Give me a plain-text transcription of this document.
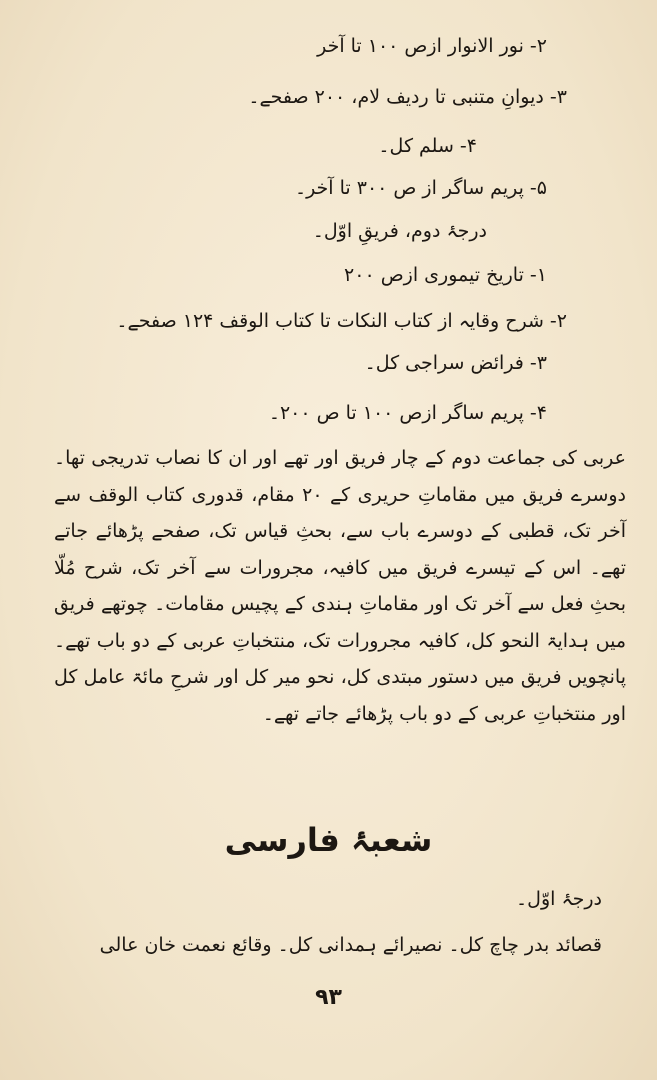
۲- نور الانوار ازص ۱۰۰ تا آخر
۳- دیوانِ متنبی تا ردیف لام، ۲۰۰ صفحے۔
۴- سلم کل۔
۵- پریم ساگر از ص ۳۰۰ تا آخر۔
درجۂ دوم، فریقِ اوّل۔
۱- تاریخ تیموری ازص ۲۰۰
۲- شرح وقایہ از کتاب النکات تا کتاب الوقف ۱۲۴ صفحے۔
۳- فرائض سراجی کل۔
۴- پریم ساگر ازص ۱۰۰ تا ص ۲۰۰۔
عربی کی جماعت دوم کے چار فریق اور تھے اور ان کا نصاب تدریجی تھا۔ دوسرے فریق میں مقاماتِ حریری کے ۲۰ مقام، قدوری کتاب الوقف سے آخر تک، قطبی کے دوسرے باب سے، بحثِ قیاس تک، صفحے پڑھائے جاتے تھے۔ اس کے تیسرے فریق میں کافیہ، مجرورات سے آخر تک، شرح مُلّا بحثِ فعل سے آخر تک اور مقاماتِ ہندی کے پچیس مقامات۔ چوتھے فریق میں ہدایۃ النحو کل، کافیہ مجرورات تک، منتخباتِ عربی کے دو باب تھے۔ پانچویں فریق میں دستور مبتدی کل، نحو میر کل اور شرحِ مائۃ عامل کل اور منتخباتِ عربی کے دو باب پڑھائے جاتے تھے۔
شعبۂ فارسی
درجۂ اوّل۔
قصائد بدر چاچ کل۔ نصیرائے ہمدانی کل۔ وقائع نعمت خان عالی
۹۳
